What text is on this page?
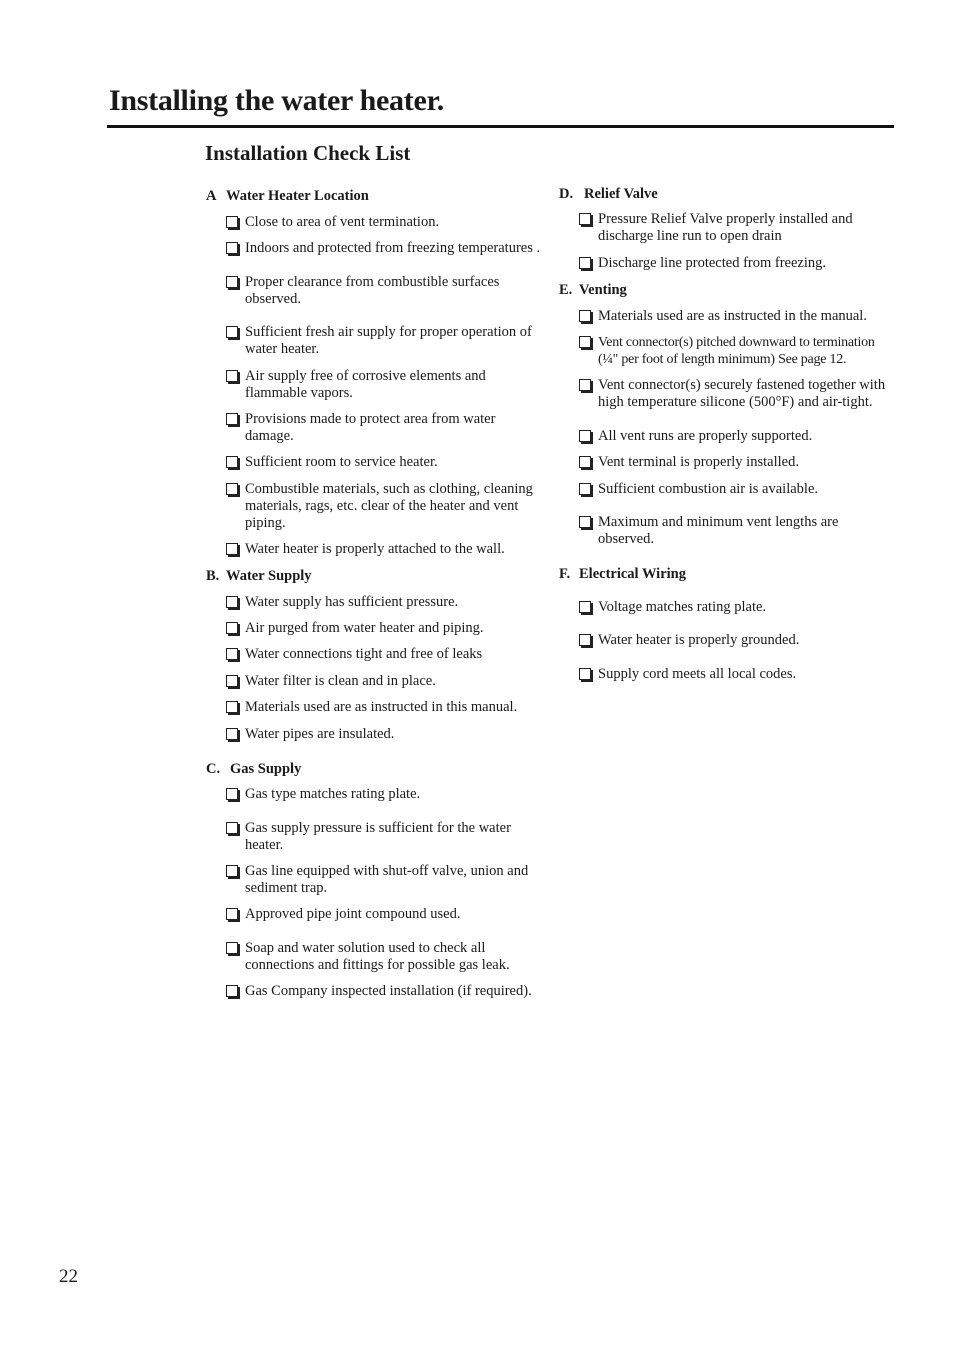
Installing the water heater.
Installation Check List
A Water Heater Location
Close to area of vent termination.
Indoors and protected from freezing temperatures .
Proper clearance from combustible surfaces observed.
Sufficient fresh air supply for proper operation of water heater.
Air supply free of corrosive elements and flammable vapors.
Provisions made to protect area from water damage.
Sufficient room to service heater.
Combustible materials, such as clothing, cleaning materials, rags, etc. clear of the heater and vent piping.
Water heater is properly attached to the wall.
B. Water Supply
Water supply has sufficient pressure.
Air purged from water heater and piping.
Water connections tight and free of leaks
Water filter is clean and in place.
Materials used are as instructed in this manual.
Water pipes are insulated.
C. Gas Supply
Gas type matches rating plate.
Gas supply pressure is sufficient for the water heater.
Gas line equipped with shut-off valve, union and sediment trap.
Approved pipe joint compound used.
Soap and water solution used to check all connections and fittings for possible gas leak.
Gas Company inspected installation (if required).
D. Relief Valve
Pressure Relief Valve properly installed and discharge line run to open drain
Discharge line protected from freezing.
E. Venting
Materials used are as instructed in the manual.
Vent connector(s) pitched downward to termination (¼" per foot of length minimum) See page 12.
Vent connector(s) securely fastened together with high temperature silicone (500°F) and air-tight.
All vent runs are properly supported.
Vent terminal is properly installed.
Sufficient combustion air is available.
Maximum and minimum vent lengths are observed.
F. Electrical Wiring
Voltage matches rating plate.
Water heater is properly grounded.
Supply cord meets all local codes.
22
